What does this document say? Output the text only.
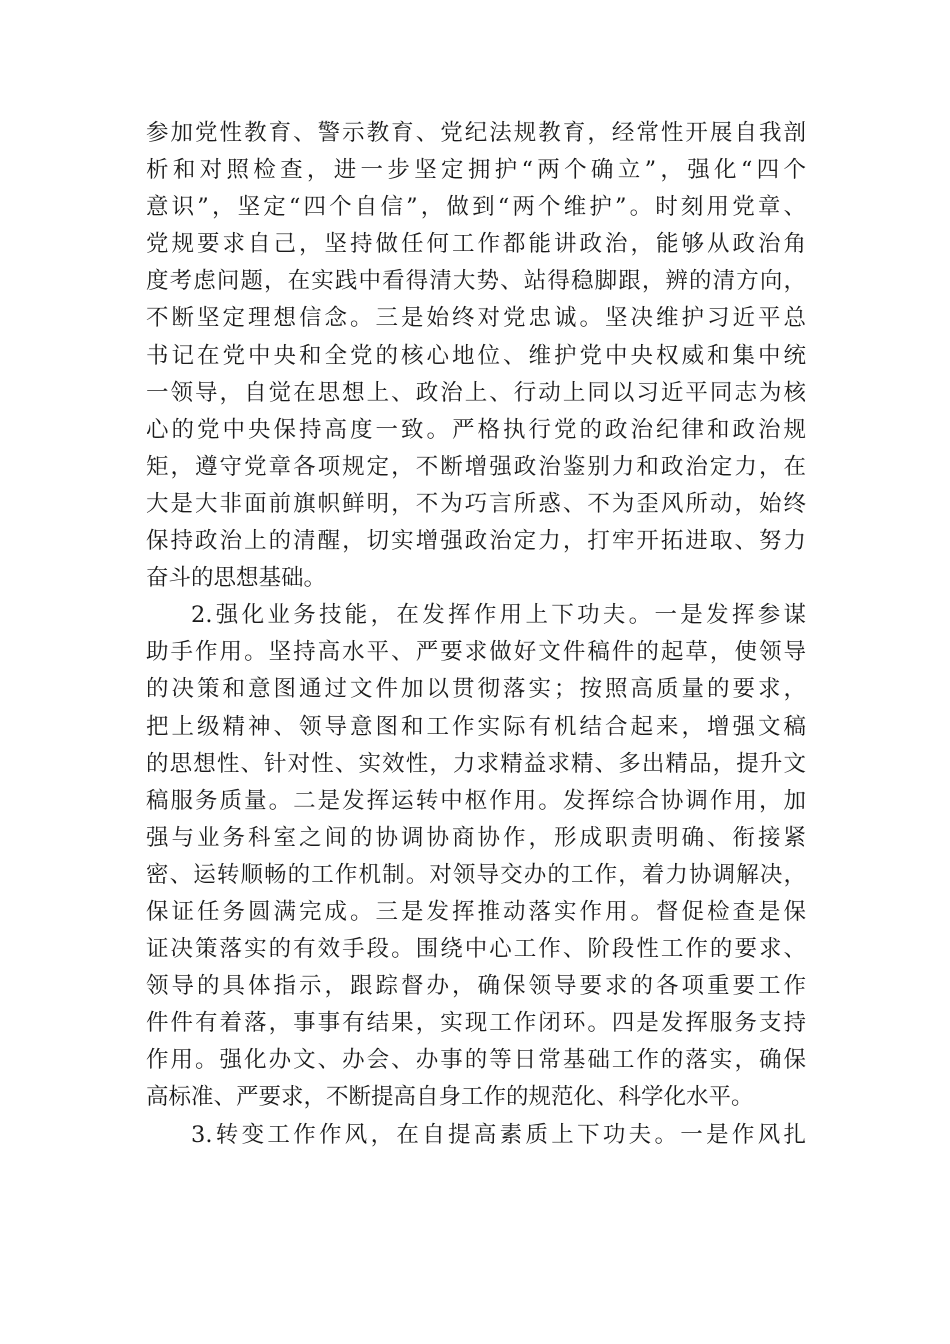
参加党性教育、警示教育、党纪法规教育，经常性开展自我剖
析和对照检查，进一步坚定拥护“两个确立”，强化“四个
意识”，坚定“四个自信”，做到“两个维护”。时刻用党章、
党规要求自己，坚持做任何工作都能讲政治，能够从政治角
度考虑问题，在实践中看得清大势、站得稳脚跟，辨的清方向，
不断坚定理想信念。三是始终对党忠诚。坚决维护习近平总
书记在党中央和全党的核心地位、维护党中央权威和集中统
一领导，自觉在思想上、政治上、行动上同以习近平同志为核
心的党中央保持高度一致。严格执行党的政治纪律和政治规
矩，遵守党章各项规定，不断增强政治鉴别力和政治定力，在
大是大非面前旗帜鲜明，不为巧言所惑、不为歪风所动，始终
保持政治上的清醒，切实增强政治定力，打牢开拓进取、努力
奋斗的思想基础。
2.强化业务技能，在发挥作用上下功夫。一是发挥参谋
助手作用。坚持高水平、严要求做好文件稿件的起草，使领导
的决策和意图通过文件加以贯彻落实；按照高质量的要求，
把上级精神、领导意图和工作实际有机结合起来，增强文稿
的思想性、针对性、实效性，力求精益求精、多出精品，提升文
稿服务质量。二是发挥运转中枢作用。发挥综合协调作用，加
强与业务科室之间的协调协商协作，形成职责明确、衔接紧
密、运转顺畅的工作机制。对领导交办的工作，着力协调解决，
保证任务圆满完成。三是发挥推动落实作用。督促检查是保
证决策落实的有效手段。围绕中心工作、阶段性工作的要求、
领导的具体指示，跟踪督办，确保领导要求的各项重要工作
件件有着落，事事有结果，实现工作闭环。四是发挥服务支持
作用。强化办文、办会、办事的等日常基础工作的落实，确保
高标准、严要求，不断提高自身工作的规范化、科学化水平。
3.转变工作作风，在自提高素质上下功夫。一是作风扎
